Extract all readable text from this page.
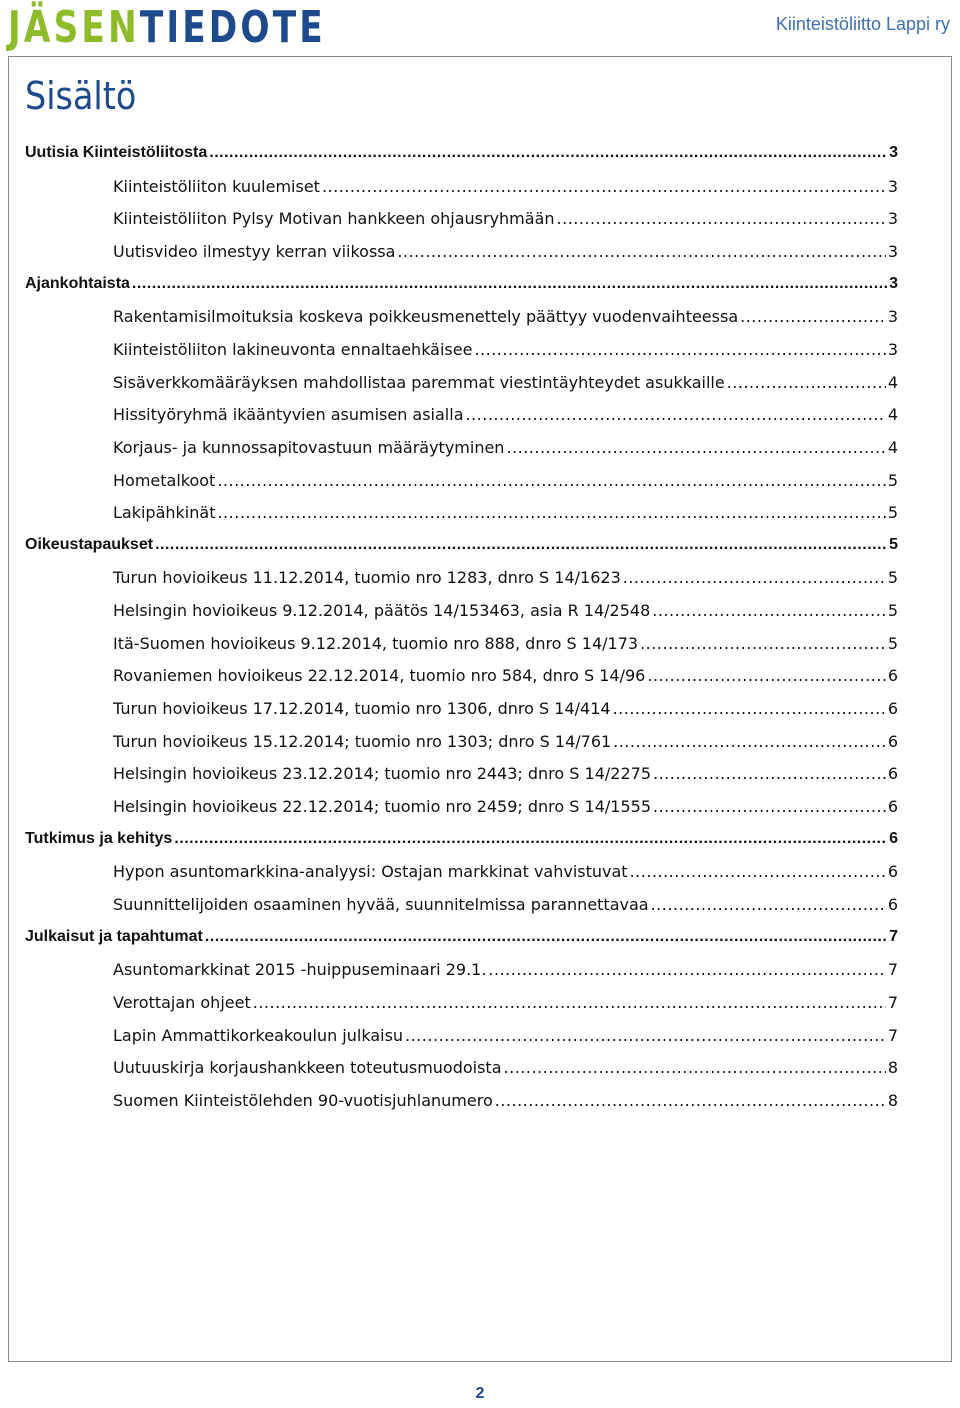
JÄSENTIEDOTE	Kiinteistöliitto Lappi ry
Sisältö
Uutisia Kiinteistöliitosta .....	3
Kiinteistöliiton kuulemiset .....	3
Kiinteistöliiton Pylsy Motivan hankkeen ohjausryhmään .....	3
Uutisvideo ilmestyy kerran viikossa .....	3
Ajankohtaista .....	3
Rakentamisilmoituksia koskeva poikkeusmenettely päättyy vuodenvaihteessa .....	3
Kiinteistöliiton lakineuvonta ennaltaehkäisee .....	3
Sisäverkkomääräyksen mahdollistaa paremmat viestintäyhteydet asukkaille .....	4
Hissityöryhmä ikääntyvien asumisen asialla .....	4
Korjaus- ja kunnossapitovastuun määräytyminen .....	4
Hometalkoot .....	5
Lakipähkinät .....	5
Oikeustapaukset .....	5
Turun hovioikeus 11.12.2014, tuomio nro 1283, dnro S 14/1623 .....	5
Helsingin hovioikeus 9.12.2014, päätös 14/153463, asia R 14/2548 .....	5
Itä-Suomen hovioikeus 9.12.2014, tuomio nro 888, dnro S 14/173 .....	5
Rovaniemen hovioikeus 22.12.2014, tuomio nro 584, dnro S 14/96 .....	6
Turun hovioikeus 17.12.2014, tuomio nro 1306, dnro S 14/414 .....	6
Turun hovioikeus 15.12.2014; tuomio nro 1303; dnro S 14/761 .....	6
Helsingin hovioikeus 23.12.2014; tuomio nro 2443; dnro S 14/2275 .....	6
Helsingin hovioikeus 22.12.2014; tuomio nro 2459; dnro S 14/1555 .....	6
Tutkimus ja kehitys .....	6
Hypon asuntomarkkina-analyysi: Ostajan markkinat vahvistuvat .....	6
Suunnittelijoiden osaaminen hyvää, suunnitelmissa parannettavaa .....	6
Julkaisut ja tapahtumat .....	7
Asuntomarkkinat 2015 -huippuseminaari 29.1. .....	7
Verottajan ohjeet .....	7
Lapin Ammattikorkeakoulun julkaisu .....	7
Uutuuskirja korjaushankkeen toteutusmuodoista .....	8
Suomen Kiinteistölehden 90-vuotisjuhlanumero .....	8
2
